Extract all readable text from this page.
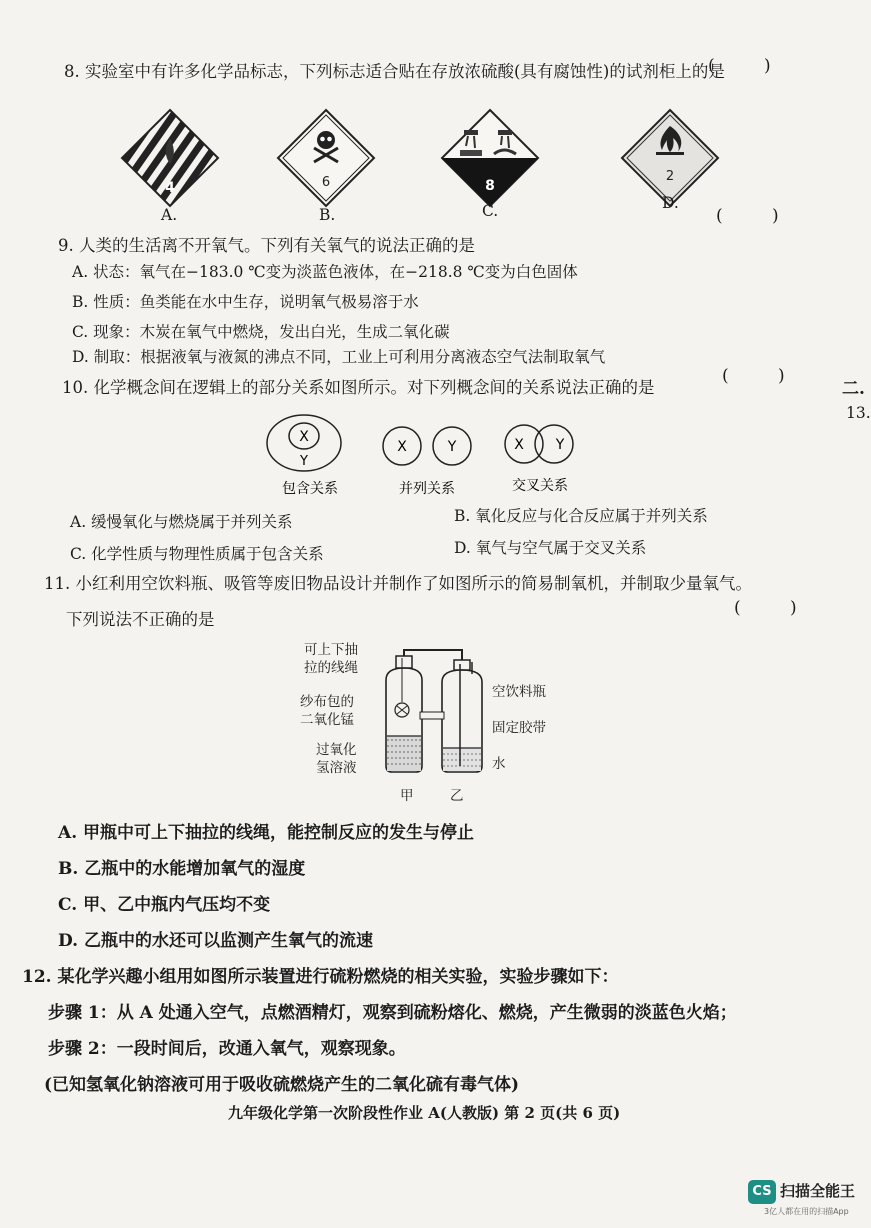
8. 实验室中有许多化学品标志，下列标志适合贴在存放浓硫酸(具有腐蚀性)的试剂柜上的是
( )
4	6	8
2
A.	B.	C.	D.
( )
9. 人类的生活离不开氧气。下列有关氧气的说法正确的是
A. 状态：氧气在−183.0 ℃变为淡蓝色液体，在−218.8 ℃变为白色固体
B. 性质：鱼类能在水中生存，说明氧气极易溶于水
C. 现象：木炭在氧气中燃烧，发出白光，生成二氧化碳
D. 制取：根据液氧与液氮的沸点不同，工业上可利用分离液态空气法制取氧气
10. 化学概念间在逻辑上的部分关系如图所示。对下列概念间的关系说法正确的是
( )
X
Y
包含关系
X	Y
并列关系
X Y
交叉关系
A. 缓慢氧化与燃烧属于并列关系	B. 氧化反应与化合反应属于并列关系
C. 化学性质与物理性质属于包含关系	D. 氧气与空气属于交叉关系
11. 小红利用空饮料瓶、吸管等废旧物品设计并制作了如图所示的简易制氧机，并制取少量氧气。
下列说法不正确的是
( )
可上下抽
拉的线绳
纱布包的
二氧化锰
过氧化
氢溶液
空饮料瓶
固定胶带
水
甲	乙
A. 甲瓶中可上下抽拉的线绳，能控制反应的发生与停止
B. 乙瓶中的水能增加氧气的湿度
C. 甲、乙中瓶内气压均不变
D. 乙瓶中的水还可以监测产生氧气的流速
12. 某化学兴趣小组用如图所示装置进行硫粉燃烧的相关实验，实验步骤如下：
步骤 1：从 A 处通入空气，点燃酒精灯，观察到硫粉熔化、燃烧，产生微弱的淡蓝色火焰；
步骤 2：一段时间后，改通入氧气，观察现象。
(已知氢氧化钠溶液可用于吸收硫燃烧产生的二氧化硫有毒气体)
九年级化学第一次阶段性作业 A(人教版) 第 2 页(共 6 页)
二.
13.
CS 扫描全能王
3亿人都在用的扫描App
